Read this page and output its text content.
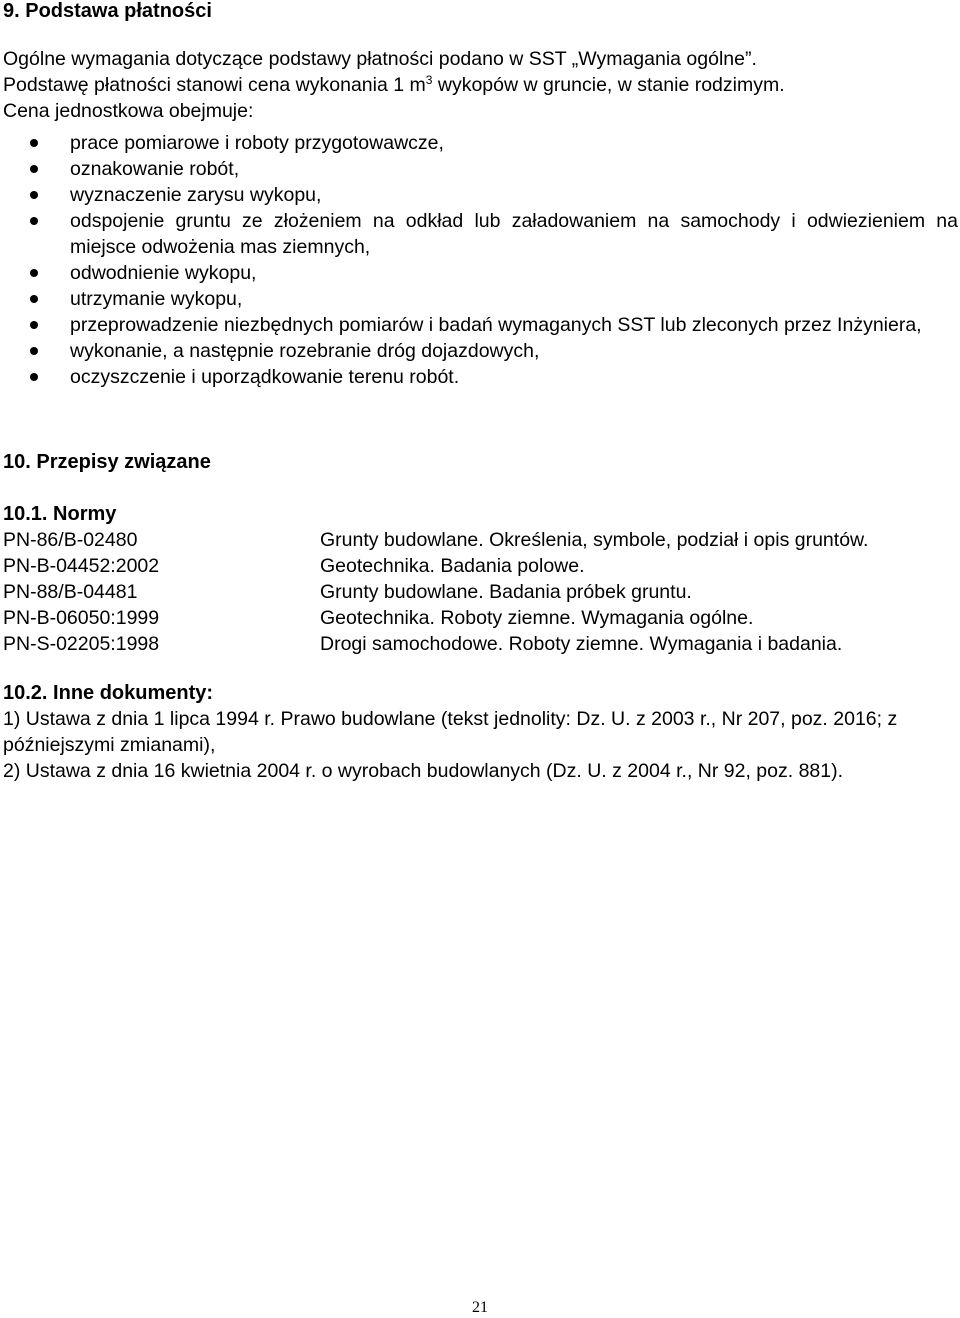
9. Podstawa płatności

Ogólne wymagania dotyczące podstawy płatności podano w SST „Wymagania ogólne”.

Podstawę płatności stanowi cena wykonania 1 $m^3$ wykopów w gruncie, w stanie rodzimym.

Cena jednostkowa obejmuje:

prace pomiarowe i roboty przygotowawcze,
oznakowanie robót,
wyznaczenie zarysu wykopu,
odspojenie gruntu ze złożeniem na odkład lub załadowaniem na samochody i odwiezieniem na miejsce odwożenia mas ziemnych,
odwodnienie wykopu,
utrzymanie wykopu,
przeprowadzenie niezbędnych pomiarów i badań wymaganych SST lub zleconych przez Inżyniera,
wykonanie, a następnie rozebranie dróg dojazdowych,
oczyszczenie i uporządkowanie terenu robót.
10. Przepisy związane
10.1. Normy
PN-86/B-02480	Grunty budowlane. Określenia, symbole, podział i opis gruntów.
PN-B-04452:2002	Geotechnika. Badania polowe.
PN-88/B-04481	Grunty budowlane. Badania próbek gruntu.
PN-B-06050:1999	Geotechnika. Roboty ziemne. Wymagania ogólne.
PN-S-02205:1998	Drogi samochodowe. Roboty ziemne. Wymagania i badania.
10.2. Inne dokumenty:

1) Ustawa z dnia 1 lipca 1994 r. Prawo budowlane (tekst jednolity: Dz. U. z 2003 r., Nr 207, poz. 2016; z późniejszymi zmianami),

2) Ustawa z dnia 16 kwietnia 2004 r. o wyrobach budowlanych (Dz. U. z 2004 r., Nr 92, poz. 881).

21
